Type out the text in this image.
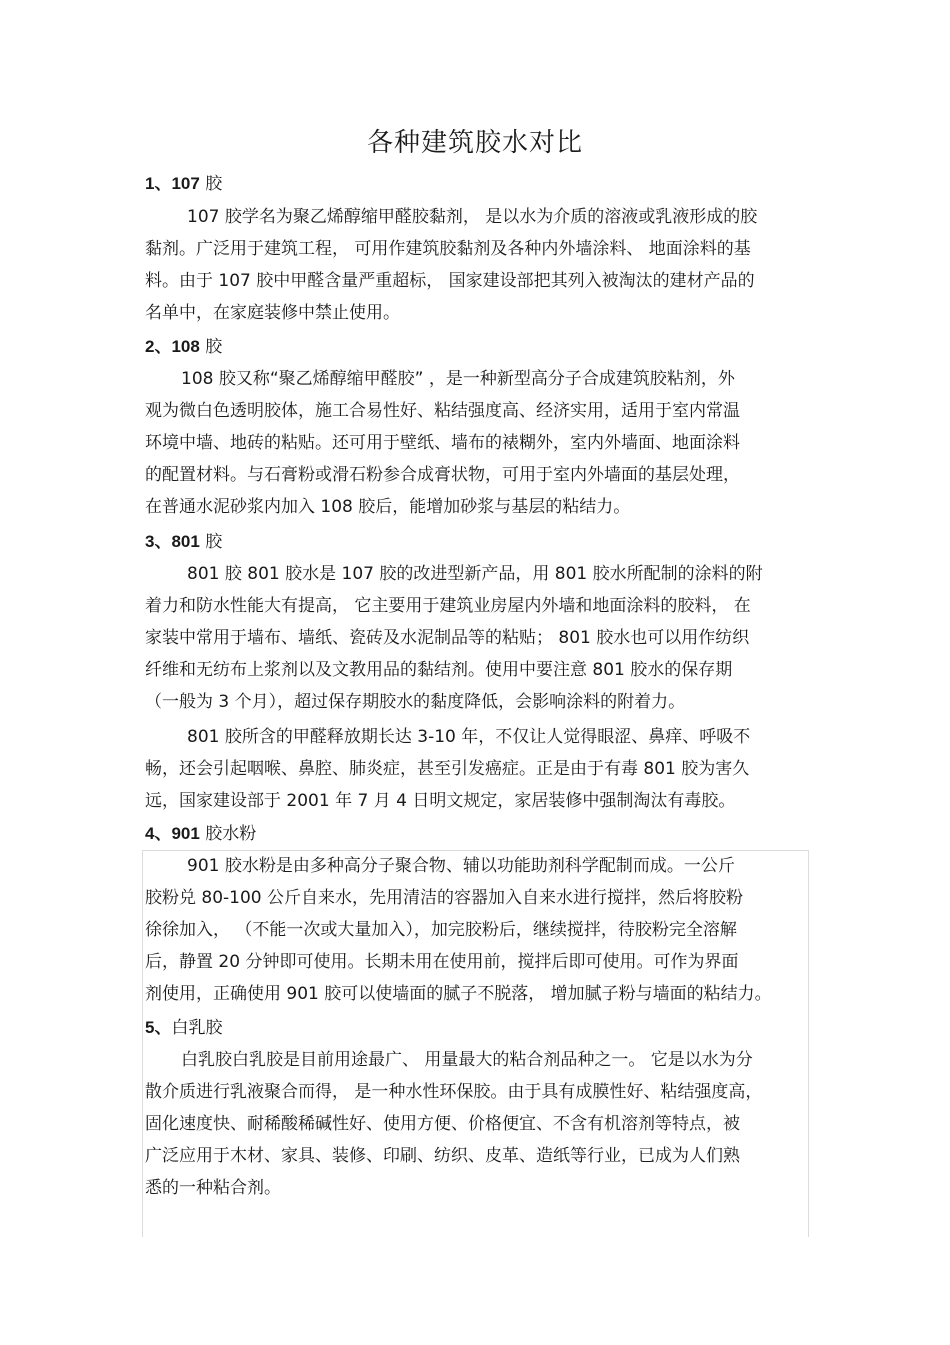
各种建筑胶水对比
1、107 胶
107 胶学名为聚乙烯醇缩甲醛胶黏剂， 是以水为介质的溶液或乳液形成的胶
黏剂。广泛用于建筑工程， 可用作建筑胶黏剂及各种内外墙涂料、 地面涂料的基
料。由于 107 胶中甲醛含量严重超标， 国家建设部把其列入被淘汰的建材产品的
名单中，在家庭装修中禁止使用。
2、108 胶
108 胶又称“聚乙烯醇缩甲醛胶” ，是一种新型高分子合成建筑胶粘剂，外
观为微白色透明胶体，施工合易性好、粘结强度高、经济实用，适用于室内常温
环境中墙、地砖的粘贴。还可用于壁纸、墙布的裱糊外，室内外墙面、地面涂料
的配置材料。与石膏粉或滑石粉参合成膏状物，可用于室内外墙面的基层处理，
在普通水泥砂浆内加入 108 胶后，能增加砂浆与基层的粘结力。
3、801 胶
801 胶 801 胶水是 107 胶的改进型新产品，用 801 胶水所配制的涂料的附
着力和防水性能大有提高， 它主要用于建筑业房屋内外墙和地面涂料的胶料， 在
家装中常用于墙布、墙纸、瓷砖及水泥制品等的粘贴； 801 胶水也可以用作纺织
纤维和无纺布上浆剂以及文教用品的黏结剂。使用中要注意 801 胶水的保存期
（一般为 3 个月），超过保存期胶水的黏度降低，会影响涂料的附着力。
801 胶所含的甲醛释放期长达 3-10 年，不仅让人觉得眼涩、鼻痒、呼吸不
畅，还会引起咽喉、鼻腔、肺炎症，甚至引发癌症。正是由于有毒 801 胶为害久
远，国家建设部于 2001 年 7 月 4 日明文规定，家居装修中强制淘汰有毒胶。
4、901 胶水粉
901 胶水粉是由多种高分子聚合物、辅以功能助剂科学配制而成。一公斤
胶粉兑 80-100 公斤自来水，先用清洁的容器加入自来水进行搅拌，然后将胶粉
徐徐加入， （不能一次或大量加入），加完胶粉后，继续搅拌，待胶粉完全溶解
后，静置 20 分钟即可使用。长期未用在使用前，搅拌后即可使用。可作为界面
剂使用，正确使用 901 胶可以使墙面的腻子不脱落， 增加腻子粉与墙面的粘结力。
5、白乳胶
白乳胶白乳胶是目前用途最广、 用量最大的粘合剂品种之一。 它是以水为分
散介质进行乳液聚合而得， 是一种水性环保胶。由于具有成膜性好、粘结强度高，
固化速度快、耐稀酸稀碱性好、使用方便、价格便宜、不含有机溶剂等特点，被
广泛应用于木材、家具、装修、印刷、纺织、皮革、造纸等行业，已成为人们熟
悉的一种粘合剂。
